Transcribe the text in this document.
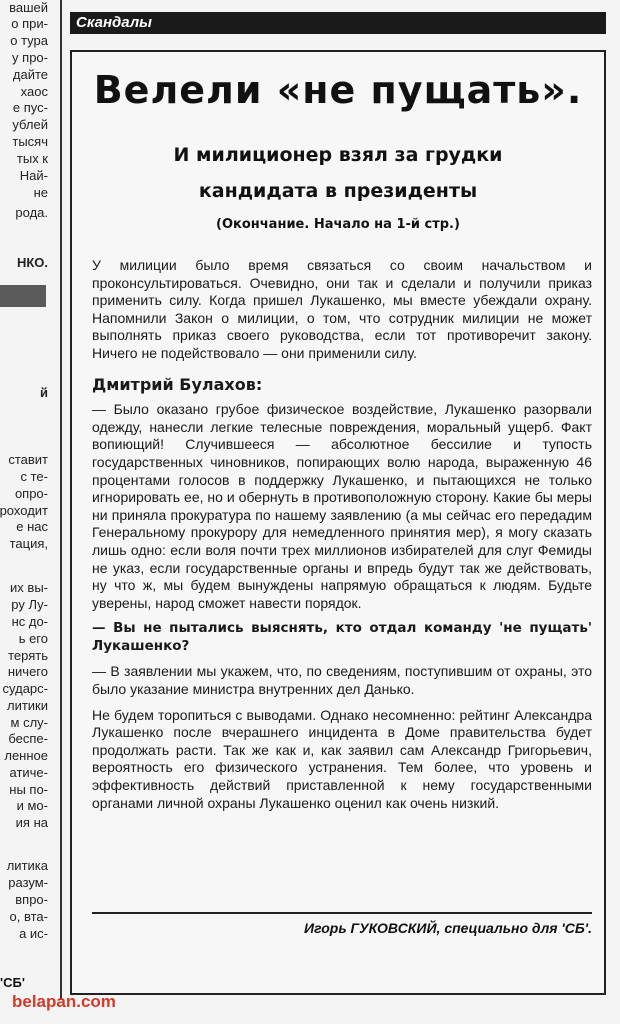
вашей
о при-
о тура
у про-
дайте
хаос
е пус-
ублей
тысяч
тых к
Най-
не
рода.
НКО.
й
ставит
с те-
опро-
роходит
е нас
тация,
их вы-
ру Лу-
нс до-
ь его
терять
ничего
сударс-
литики
м слу-
беспе-
ленное
атиче-
ны по-
и мо-
ия на
литика
разум-
впро-
о, вта-
а ис-
Скандалы
Велели «не пущать».
И милиционер взял за грудки
кандидата в президенты
(Окончание. Начало на 1-й стр.)

У милиции было время связаться со своим начальством и проконсультироваться. Очевидно, они так и сделали и получили приказ применить силу. Когда пришел Лукашенко, мы вместе убеждали охрану. Напомнили Закон о милиции, о том, что сотрудник милиции не может выполнять приказ своего руководства, если тот противоречит закону. Ничего не подействовало — они применили силу.

Дмитрий Булахов:

— Было оказано грубое физическое воздействие, Лукашенко разорвали одежду, нанесли легкие телесные повреждения, моральный ущерб. Факт вопиющий! Случившееся — абсолютное бессилие и тупость государственных чиновников, попирающих волю народа, выраженную 46 процентами голосов в поддержку Лукашенко, и пытающихся не только игнорировать ее, но и обернуть в противоположную сторону. Какие бы меры ни приняла прокуратура по нашему заявлению (а мы сейчас его передадим Генеральному прокурору для немедленного принятия мер), я могу сказать лишь одно: если воля почти трех миллионов избирателей для слуг Фемиды не указ, если государственные органы и впредь будут так же действовать, ну что ж, мы будем вынуждены напрямую обращаться к людям. Будьте уверены, народ сможет навести порядок.

— Вы не пытались выяснять, кто отдал команду 'не пущать' Лукашенко?

— В заявлении мы укажем, что, по сведениям, поступившим от охраны, это было указание министра внутренних дел Данько.

Не будем торопиться с выводами. Однако несомненно: рейтинг Александра Лукашенко после вчерашнего инцидента в Доме правительства будет продолжать расти. Так же как и, как заявил сам Александр Григорьевич, вероятность его физического устранения. Тем более, что уровень и эффективность действий приставленной к нему государственными органами личной охраны Лукашенко оценил как очень низкий.

Игорь ГУКОВСКИЙ, специально для 'СБ'.
'СБ'
belapan.com
